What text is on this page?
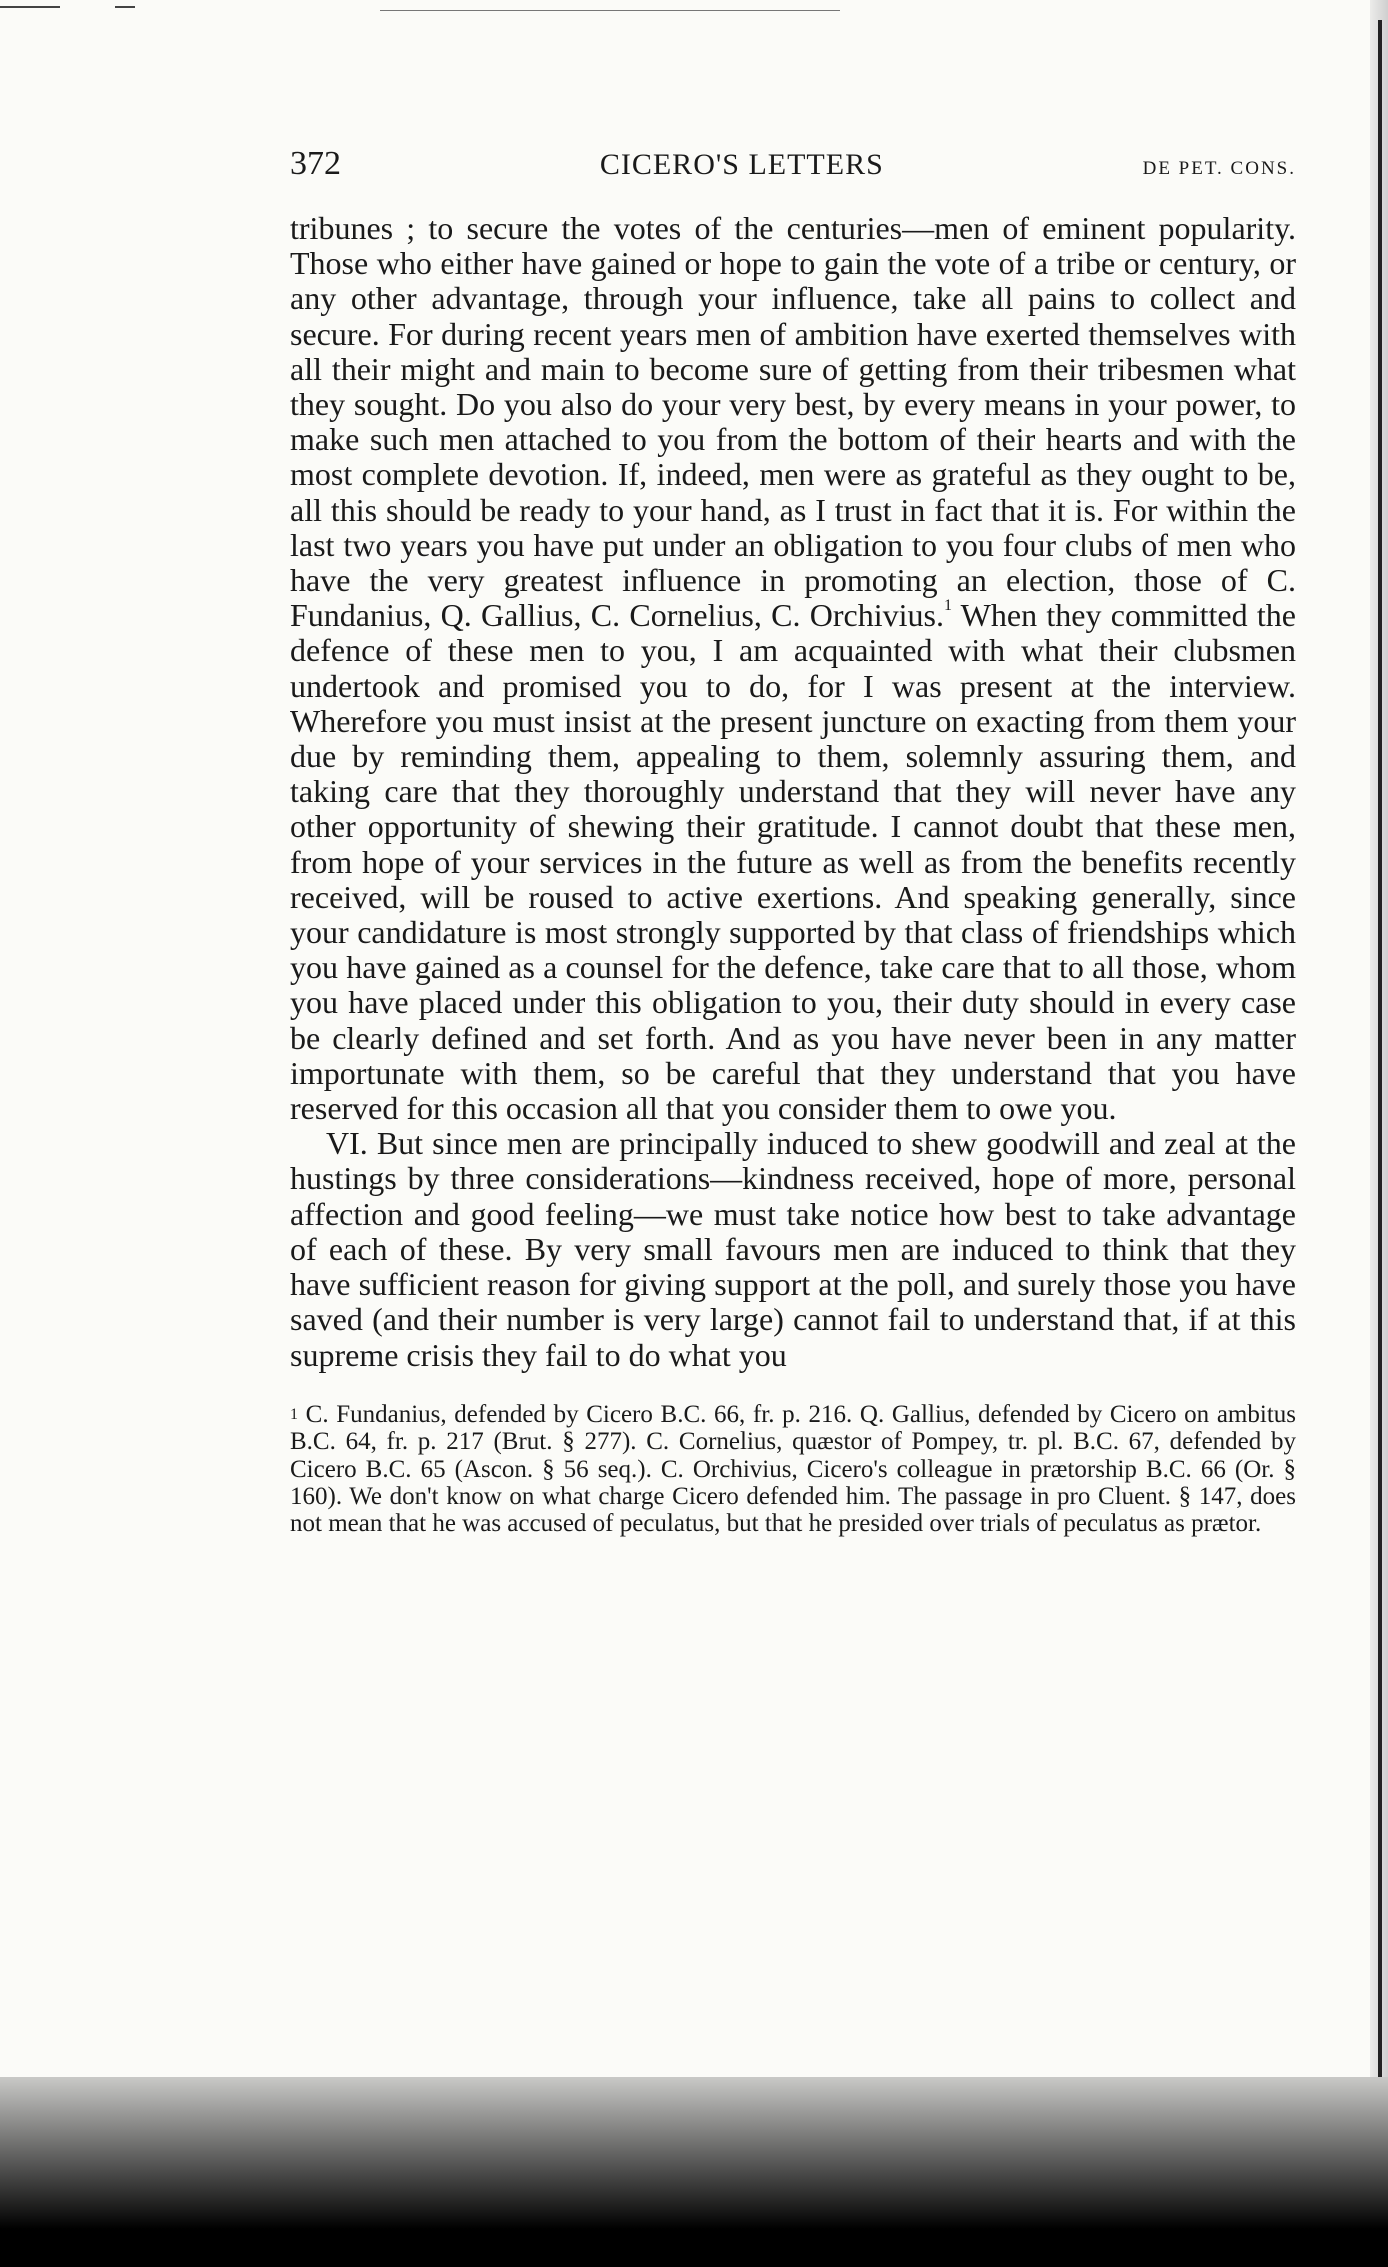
372	CICERO'S LETTERS	DE PET. CONS.

tribunes ; to secure the votes of the centuries—men of eminent popularity. Those who either have gained or hope to gain the vote of a tribe or century, or any other advantage, through your influence, take all pains to collect and secure. For during recent years men of ambition have exerted themselves with all their might and main to become sure of getting from their tribesmen what they sought. Do you also do your very best, by every means in your power, to make such men attached to you from the bottom of their hearts and with the most complete devotion. If, indeed, men were as grateful as they ought to be, all this should be ready to your hand, as I trust in fact that it is. For within the last two years you have put under an obligation to you four clubs of men who have the very greatest influence in promoting an election, those of C. Fundanius, Q. Gallius, C. Cornelius, C. Orchivius.$^1$ When they committed the defence of these men to you, I am acquainted with what their clubsmen undertook and promised you to do, for I was present at the interview. Wherefore you must insist at the present juncture on exacting from them your due by reminding them, appealing to them, solemnly assuring them, and taking care that they thoroughly understand that they will never have any other opportunity of shewing their gratitude. I cannot doubt that these men, from hope of your services in the future as well as from the benefits recently received, will be roused to active exertions. And speaking generally, since your candidature is most strongly supported by that class of friendships which you have gained as a counsel for the defence, take care that to all those, whom you have placed under this obligation to you, their duty should in every case be clearly defined and set forth. And as you have never been in any matter importunate with them, so be careful that they understand that you have reserved for this occasion all that you consider them to owe you.

VI. But since men are principally induced to shew goodwill and zeal at the hustings by three considerations—kindness received, hope of more, personal affection and good feeling—we must take notice how best to take advantage of each of these. By very small favours men are induced to think that they have sufficient reason for giving support at the poll, and surely those you have saved (and their number is very large) cannot fail to understand that, if at this supreme crisis they fail to do what you

$^1$ C. Fundanius, defended by Cicero B.C. 66, fr. p. 216. Q. Gallius, defended by Cicero on ambitus B.C. 64, fr. p. 217 (Brut. § 277). C. Cornelius, quæstor of Pompey, tr. pl. B.C. 67, defended by Cicero B.C. 65 (Ascon. § 56 seq.). C. Orchivius, Cicero's colleague in prætorship B.C. 66 (Or. § 160). We don't know on what charge Cicero defended him. The passage in pro Cluent. § 147, does not mean that he was accused of peculatus, but that he presided over trials of peculatus as prætor.
